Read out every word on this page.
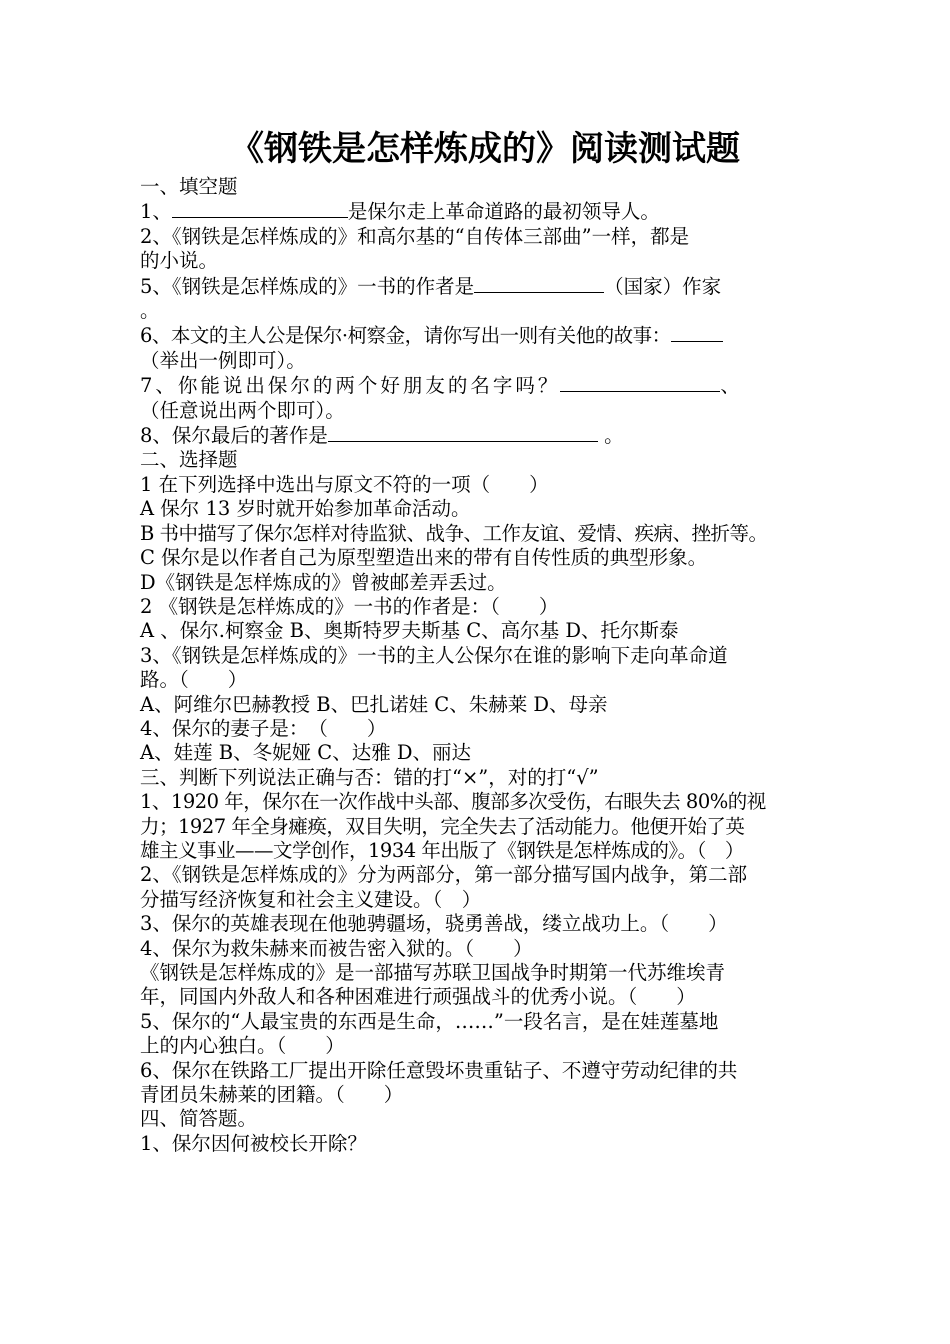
《钢铁是怎样炼成的》阅读测试题
一、填空题
1、	是保尔走上革命道路的最初领导人。
2、《钢铁是怎样炼成的》和高尔基的“自传体三部曲”一样，都是
的小说。
5、《钢铁是怎样炼成的》一书的作者是	（国家）作家
。
6、本文的主人公是保尔·柯察金，请你写出一则有关他的故事：
（举出一例即可）。
7、你能说出保尔的两个好朋友的名字吗？	、
（任意说出两个即可）。
8、保尔最后的著作是	。
二、选择题
1 在下列选择中选出与原文不符的一项（　　）
A 保尔 13 岁时就开始参加革命活动。
B 书中描写了保尔怎样对待监狱、战争、工作友谊、爱情、疾病、挫折等。
C 保尔是以作者自己为原型塑造出来的带有自传性质的典型形象。
D《钢铁是怎样炼成的》曾被邮差弄丢过。
2 《钢铁是怎样炼成的》一书的作者是：（　　）
A 、保尔.柯察金 B、奥斯特罗夫斯基 C、高尔基 D、托尔斯泰
3、《钢铁是怎样炼成的》一书的主人公保尔在谁的影响下走向革命道
路。（　　）
A、阿维尔巴赫教授 B、巴扎诺娃 C、朱赫莱 D、母亲
4、保尔的妻子是：　（　　）
A、娃莲 B、冬妮娅 C、达雅 D、丽达
三、判断下列说法正确与否：错的打“×”，对的打“√”
1、1920 年，保尔在一次作战中头部、腹部多次受伤，右眼失去 80%的视
力；1927 年全身瘫痪，双目失明，完全失去了活动能力。他便开始了英
雄主义事业——文学创作，1934 年出版了《钢铁是怎样炼成的》。（　）
2、《钢铁是怎样炼成的》分为两部分，第一部分描写国内战争，第二部
分描写经济恢复和社会主义建设。（　）
3、保尔的英雄表现在他驰骋疆场，骁勇善战，缕立战功上。（　　）
4、保尔为救朱赫来而被告密入狱的。（　　）
《钢铁是怎样炼成的》是一部描写苏联卫国战争时期第一代苏维埃青
年，同国内外敌人和各种困难进行顽强战斗的优秀小说。（　　）
5、保尔的“人最宝贵的东西是生命，……”一段名言，是在娃莲墓地
上的内心独白。（　　）
6、保尔在铁路工厂提出开除任意毁坏贵重钻子、不遵守劳动纪律的共
青团员朱赫莱的团籍。（　　）
四、简答题。
1、保尔因何被校长开除？
